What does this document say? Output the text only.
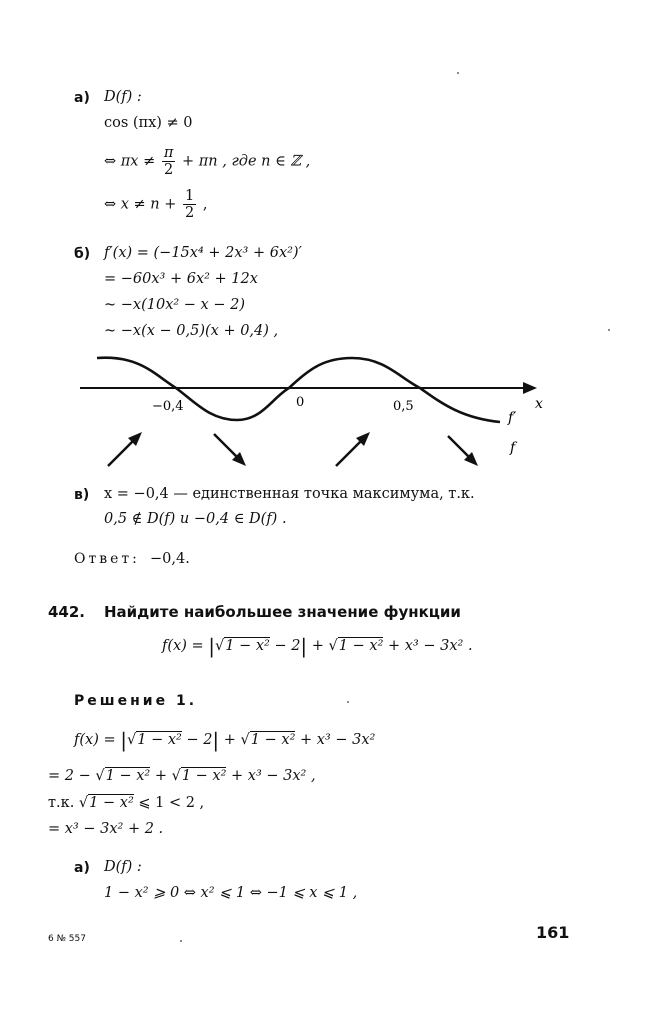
а) D(f) :
cos (πx) ≠ 0
⇔ $\pi x \ne \frac{\pi}{2} + \pi n$ , где n ∈ ℤ ,
⇔ $x \ne n + \frac{1}{2}$ ,
б) f′(x) = (−15x⁴ + 2x³ + 6x²)′
= −60x³ + 6x² + 12x
~ −x(10x² − x − 2)
~ −x(x − 0,5)(x + 0,4) ,
−0,4	0	0,5	x
f′
f
в) x = −0,4 — единственная точка максимума, т.к.
0,5 ∉ D(f) и −0,4 ∈ D(f) .
Ответ: −0,4.
442. Найдите наибольшее значение функции
f(x) = |√1 − x² − 2| + √1 − x² + x³ − 3x² .
Решение 1.
f(x) = |√1 − x² − 2| + √1 − x² + x³ − 3x²
= 2 − √1 − x² + √1 − x² + x³ − 3x² ,
т.к. √1 − x² ⩽ 1 < 2 ,
= x³ − 3x² + 2 .
а) D(f) :
1 − x² ⩾ 0 ⇔ x² ⩽ 1 ⇔ −1 ⩽ x ⩽ 1 ,
6 № 557	161
